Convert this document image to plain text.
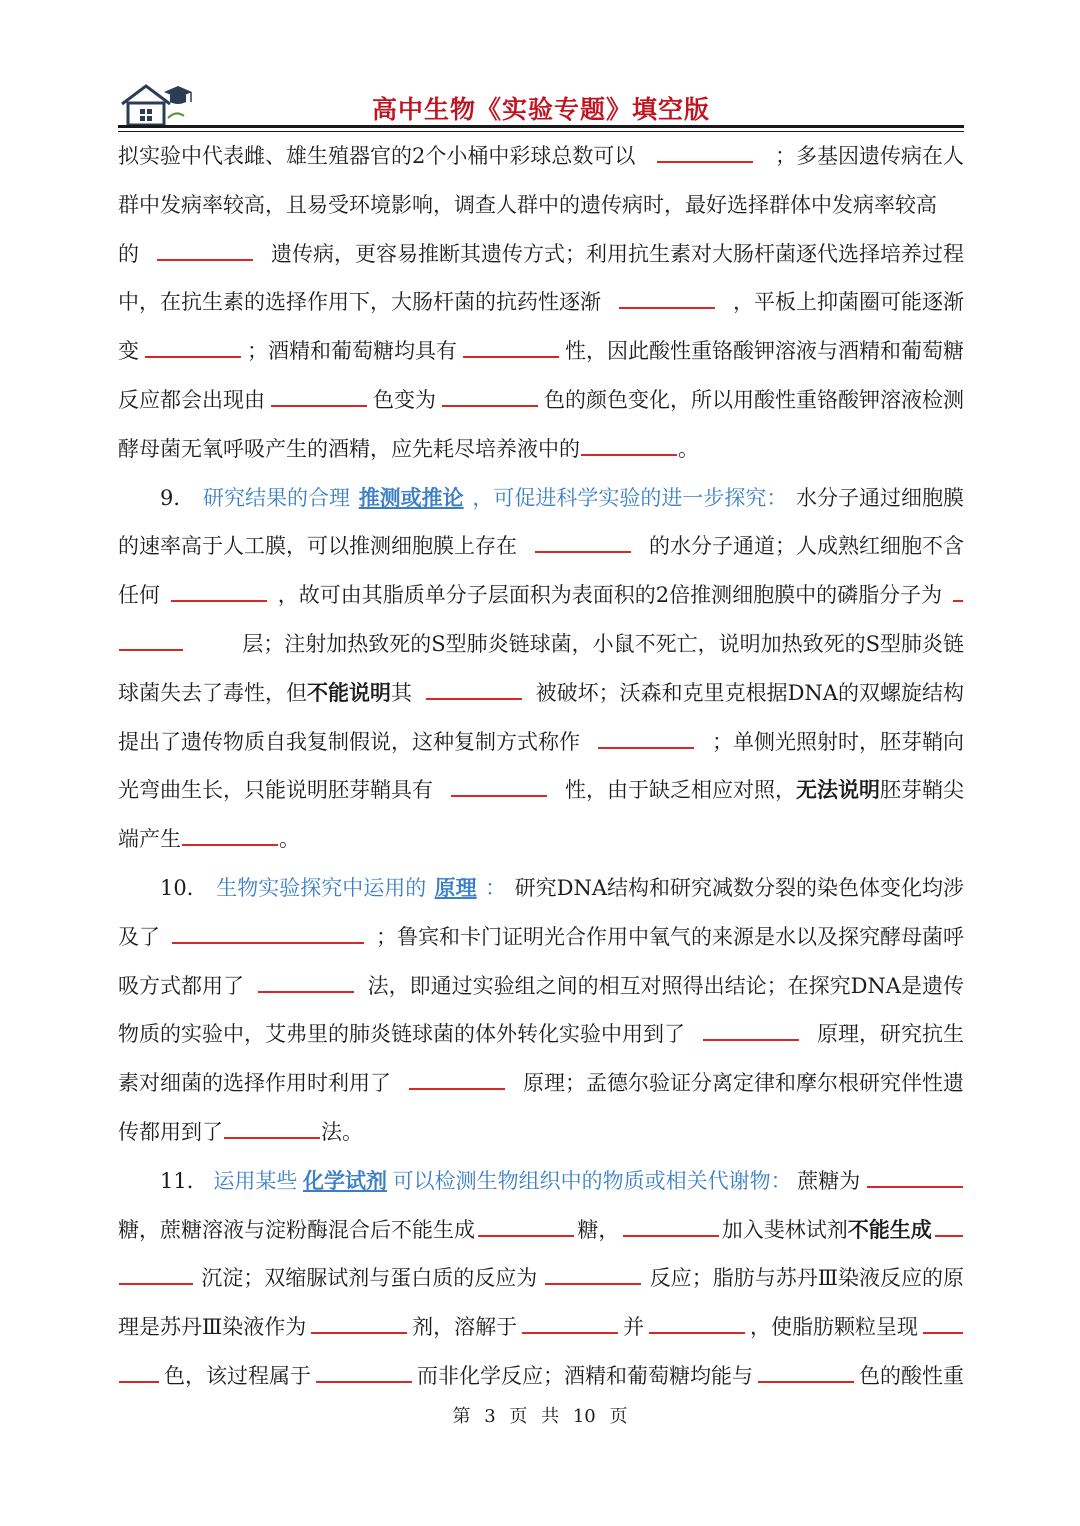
高中生物《实验专题》填空版
拟实验中代表雌、雄生殖器官的2个小桶中彩球总数可以	；多基因遗传病在人
群中发病率较高，且易受环境影响，调查人群中的遗传病时，最好选择群体中发病率较高
的	遗传病，更容易推断其遗传方式；利用抗生素对大肠杆菌逐代选择培养过程
中，在抗生素的选择作用下，大肠杆菌的抗药性逐渐	，平板上抑菌圈可能逐渐
变	；酒精和葡萄糖均具有	性，因此酸性重铬酸钾溶液与酒精和葡萄糖
反应都会出现由	色变为	色的颜色变化，所以用酸性重铬酸钾溶液检测
酵母菌无氧呼吸产生的酒精，应先耗尽培养液中的	。
9． 研究结果的合理 推测或推论 ，可促进科学实验的进一步探究： 水分子通过细胞膜
的速率高于人工膜，可以推测细胞膜上存在	的水分子通道；人成熟红细胞不含
任何	，故可由其脂质单分子层面积为表面积的2倍推测细胞膜中的磷脂分子为
层；注射加热致死的S型肺炎链球菌，小鼠不死亡，说明加热致死的S型肺炎链
球菌失去了毒性，但不能说明其	被破坏；沃森和克里克根据DNA的双螺旋结构
提出了遗传物质自我复制假说，这种复制方式称作	；单侧光照射时，胚芽鞘向
光弯曲生长，只能说明胚芽鞘具有	性，由于缺乏相应对照，无法说明胚芽鞘尖
端产生	。
10． 生物实验探究中运用的 原理 ： 研究DNA结构和研究减数分裂的染色体变化均涉
及了	；鲁宾和卡门证明光合作用中氧气的来源是水以及探究酵母菌呼
吸方式都用了	法，即通过实验组之间的相互对照得出结论；在探究DNA是遗传
物质的实验中，艾弗里的肺炎链球菌的体外转化实验中用到了	原理，研究抗生
素对细菌的选择作用时利用了	原理；孟德尔验证分离定律和摩尔根研究伴性遗
传都用到了	法。
11． 运用某些 化学试剂 可以检测生物组织中的物质或相关代谢物： 蔗糖为
糖，蔗糖溶液与淀粉酶混合后不能生成	糖，	加入斐林试剂不能生成
沉淀；双缩脲试剂与蛋白质的反应为	反应；脂肪与苏丹Ⅲ染液反应的原
理是苏丹Ⅲ染液作为	剂，溶解于	并	，使脂肪颗粒呈现
色，该过程属于	而非化学反应；酒精和葡萄糖均能与	色的酸性重
第 3 页 共 10 页
